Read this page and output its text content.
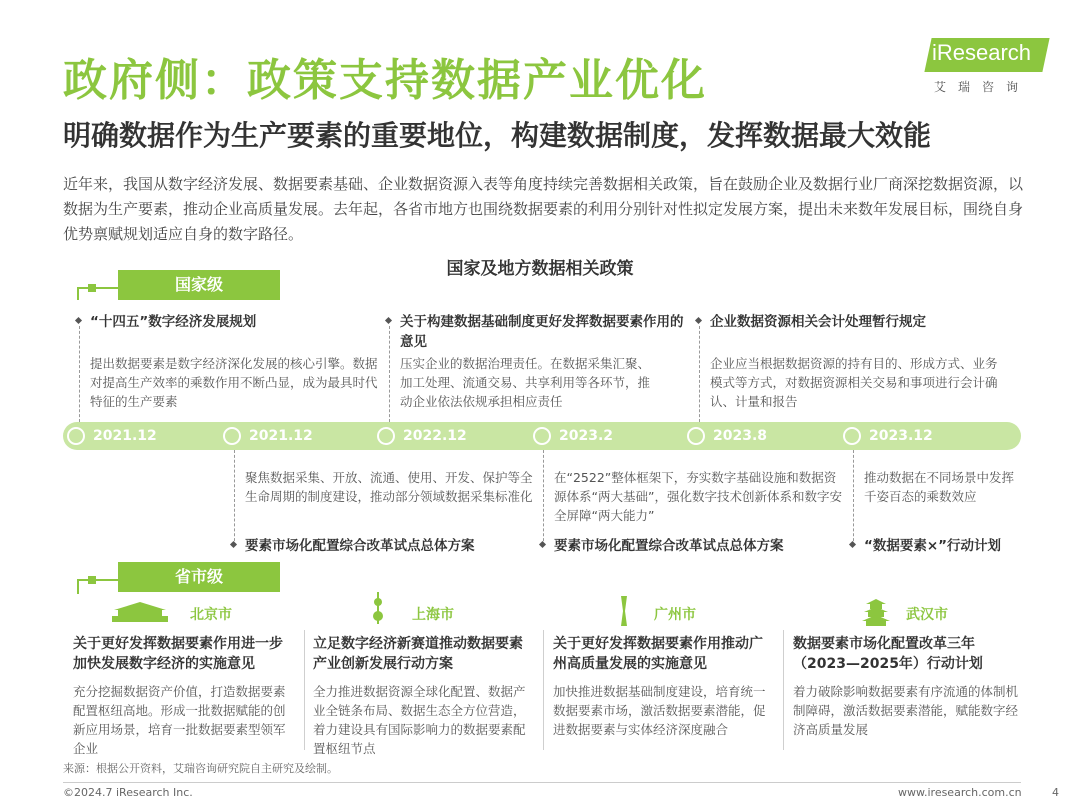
政府侧：政策支持数据产业优化
明确数据作为生产要素的重要地位，构建数据制度，发挥数据最大效能
近年来，我国从数字经济发展、数据要素基础、企业数据资源入表等角度持续完善数据相关政策，旨在鼓励企业及数据行业厂商深挖数据资源，以数据为生产要素，推动企业高质量发展。去年起，各省市地方也围绕数据要素的利用分别针对性拟定发展方案，提出未来数年发展目标，围绕自身优势禀赋规划适应自身的数字路径。
iResearch
艾瑞咨询
国家及地方数据相关政策
国家级
“十四五”数字经济发展规划
提出数据要素是数字经济深化发展的核心引擎。数据对提高生产效率的乘数作用不断凸显，成为最具时代特征的生产要素
关于构建数据基础制度更好发挥数据要素作用的意见
压实企业的数据治理责任。在数据采集汇聚、加工处理、流通交易、共享利用等各环节，推动企业依法依规承担相应责任
企业数据资源相关会计处理暂行规定
企业应当根据数据资源的持有目的、形成方式、业务模式等方式，对数据资源相关交易和事项进行会计确认、计量和报告
2021.12	2021.12	2022.12	2023.2	2023.8	2023.12
聚焦数据采集、开放、流通、使用、开发、保护等全生命周期的制度建设，推动部分领域数据采集标准化
要素市场化配置综合改革试点总体方案
在“2522”整体框架下，夯实数字基础设施和数据资源体系“两大基础”，强化数字技术创新体系和数字安全屏障“两大能力”
要素市场化配置综合改革试点总体方案
推动数据在不同场景中发挥千姿百态的乘数效应
“数据要素×”行动计划
省市级
北京市
关于更好发挥数据要素作用进一步加快发展数字经济的实施意见
充分挖掘数据资产价值，打造数据要素配置枢纽高地。形成一批数据赋能的创新应用场景，培育一批数据要素型领军企业
上海市
立足数字经济新赛道推动数据要素产业创新发展行动方案
全力推进数据资源全球化配置、数据产业全链条布局、数据生态全方位营造，着力建设具有国际影响力的数据要素配置枢纽节点
广州市
关于更好发挥数据要素作用推动广州高质量发展的实施意见
加快推进数据基础制度建设，培育统一数据要素市场，激活数据要素潜能，促进数据要素与实体经济深度融合
武汉市
数据要素市场化配置改革三年（2023—2025年）行动计划
着力破除影响数据要素有序流通的体制机制障碍，激活数据要素潜能，赋能数字经济高质量发展
来源：根据公开资料，艾瑞咨询研究院自主研究及绘制。
©2024.7 iResearch Inc.	www.iresearch.com.cn	4
